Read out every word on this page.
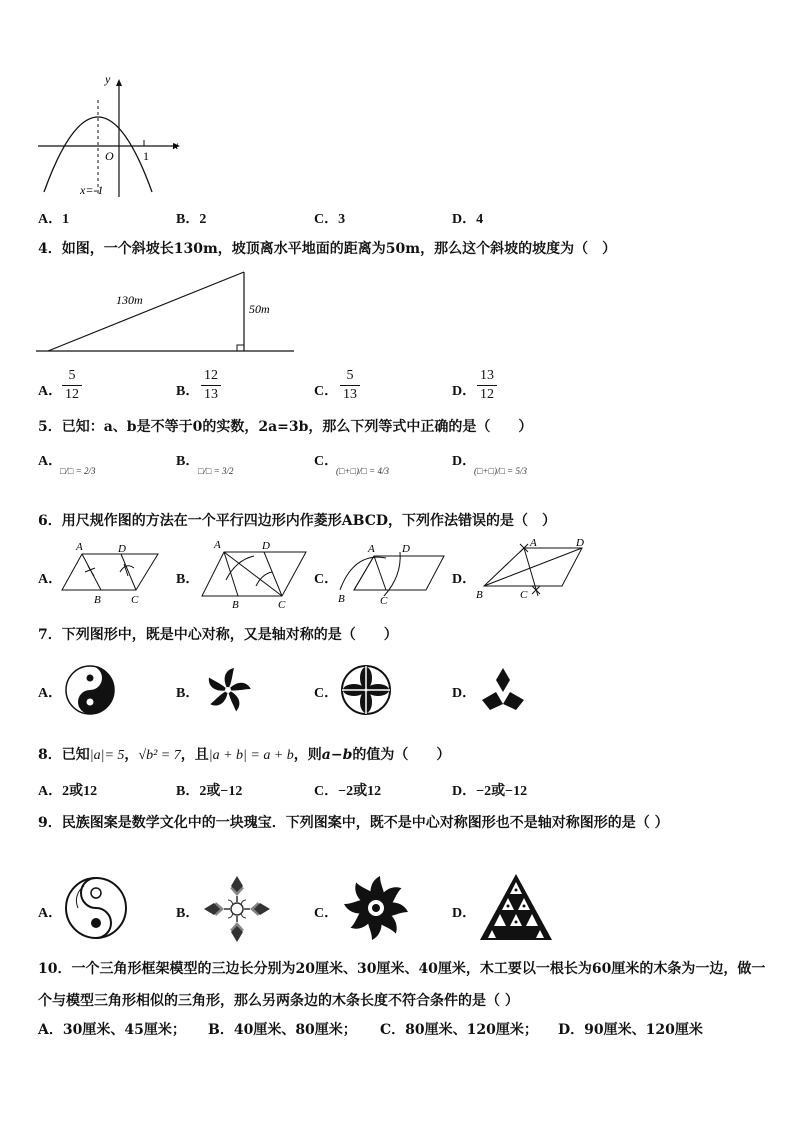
y
x
O 1
x=-1
A．1	B．2	C．3	D．4
4．如图，一个斜坡长130m，坡顶离水平地面的距离为50m，那么这个斜坡的坡度为（　）
130m
50m
A．
5
12	B．
12
13	C．
5
13	D．
13
12
5．已知：a、b是不等于0的实数，2a=3b，那么下列等式中正确的是（　　）
A．
□/□ = 2/3
B．
□/□ = 3/2
C．
(□+□)/□ = 4/3
D．
(□+□)/□ = 5/3
6．用尺规作图的方法在一个平行四边形内作菱形ABCD，下列作法错误的是（　）
A．
A	D
B	C
B．
A	D
B	C
C．
A D
B	C
D．
A	D
B	C
7．下列图形中，既是中心对称，又是轴对称的是（　　）
A．	B．	C．	D．
8．已知|a|= 5，√b² = 7，且|a + b| = a + b，则a−b的值为（　　）
A．2或12	B．2或−12	C．−2或12	D．−2或−12
9．民族图案是数学文化中的一块瑰宝．下列图案中，既不是中心对称图形也不是轴对称图形的是（ ）
A．	B．	C．	D．
10．一个三角形框架模型的三边长分别为20厘米、30厘米、40厘米，木工要以一根长为60厘米的木条为一边，做一
个与模型三角形相似的三角形，那么另两条边的木条长度不符合条件的是（ ）
A．30厘米、45厘米； B．40厘米、80厘米； C．80厘米、120厘米； D．90厘米、120厘米
